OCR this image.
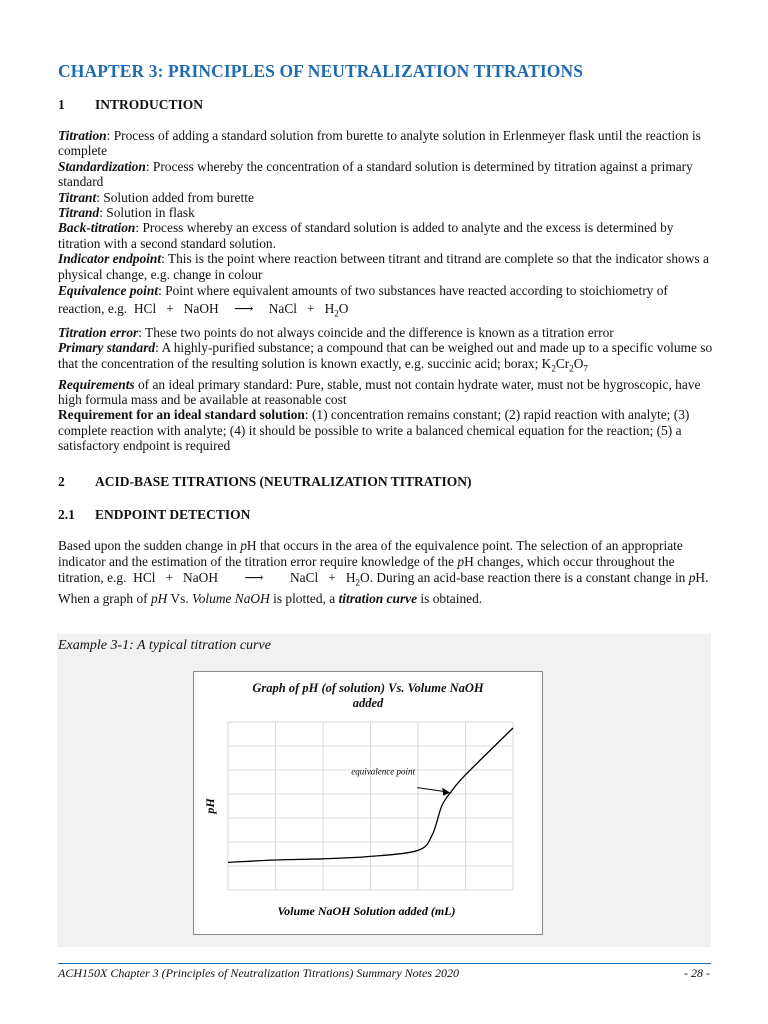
CHAPTER 3: PRINCIPLES OF NEUTRALIZATION TITRATIONS
1 INTRODUCTION

Titration: Process of adding a standard solution from burette to analyte solution in Erlenmeyer flask until the reaction is complete

Standardization: Process whereby the concentration of a standard solution is determined by titration against a primary standard

Titrant: Solution added from burette

Titrand: Solution in flask

Back-titration: Process whereby an excess of standard solution is added to analyte and the excess is determined by titration with a second standard solution.

Indicator endpoint: This is the point where reaction between titrant and titrand are complete so that the indicator shows a physical change, e.g. change in colour

Equivalence point: Point where equivalent amounts of two substances have reacted according to stoichiometry of reaction, e.g. HCl + NaOH ⟶ NaCl + $H_2O$

Titration error: These two points do not always coincide and the difference is known as a titration error

Primary standard: A highly-purified substance; a compound that can be weighed out and made up to a specific volume so that the concentration of the resulting solution is known exactly, e.g. succinic acid; borax; $K_2Cr_2O_7$

Requirements of an ideal primary standard: Pure, stable, must not contain hydrate water, must not be hygroscopic, have high formula mass and be available at reasonable cost

Requirement for an ideal standard solution: (1) concentration remains constant; (2) rapid reaction with analyte; (3) complete reaction with analyte; (4) it should be possible to write a balanced chemical equation for the reaction; (5) a satisfactory endpoint is required

2 ACID-BASE TITRATIONS (NEUTRALIZATION TITRATION)
2.1 ENDPOINT DETECTION

Based upon the sudden change in pH that occurs in the area of the equivalence point. The selection of an appropriate indicator and the estimation of the titration error require knowledge of the pH changes, which occur throughout the titration, e.g. HCl + NaOH ⟶ NaCl + $H_2O$. During an acid-base reaction there is a constant change in pH. When a graph of pH Vs. Volume NaOH is plotted, a titration curve is obtained.

Example 3-1: A typical titration curve
Graph of pH (of solution) Vs. Volume NaOH
added
equivalence point
pH
Volume NaOH Solution added (mL)
ACH150X Chapter 3 (Principles of Neutralization Titrations) Summary Notes 2020	- 28 -
